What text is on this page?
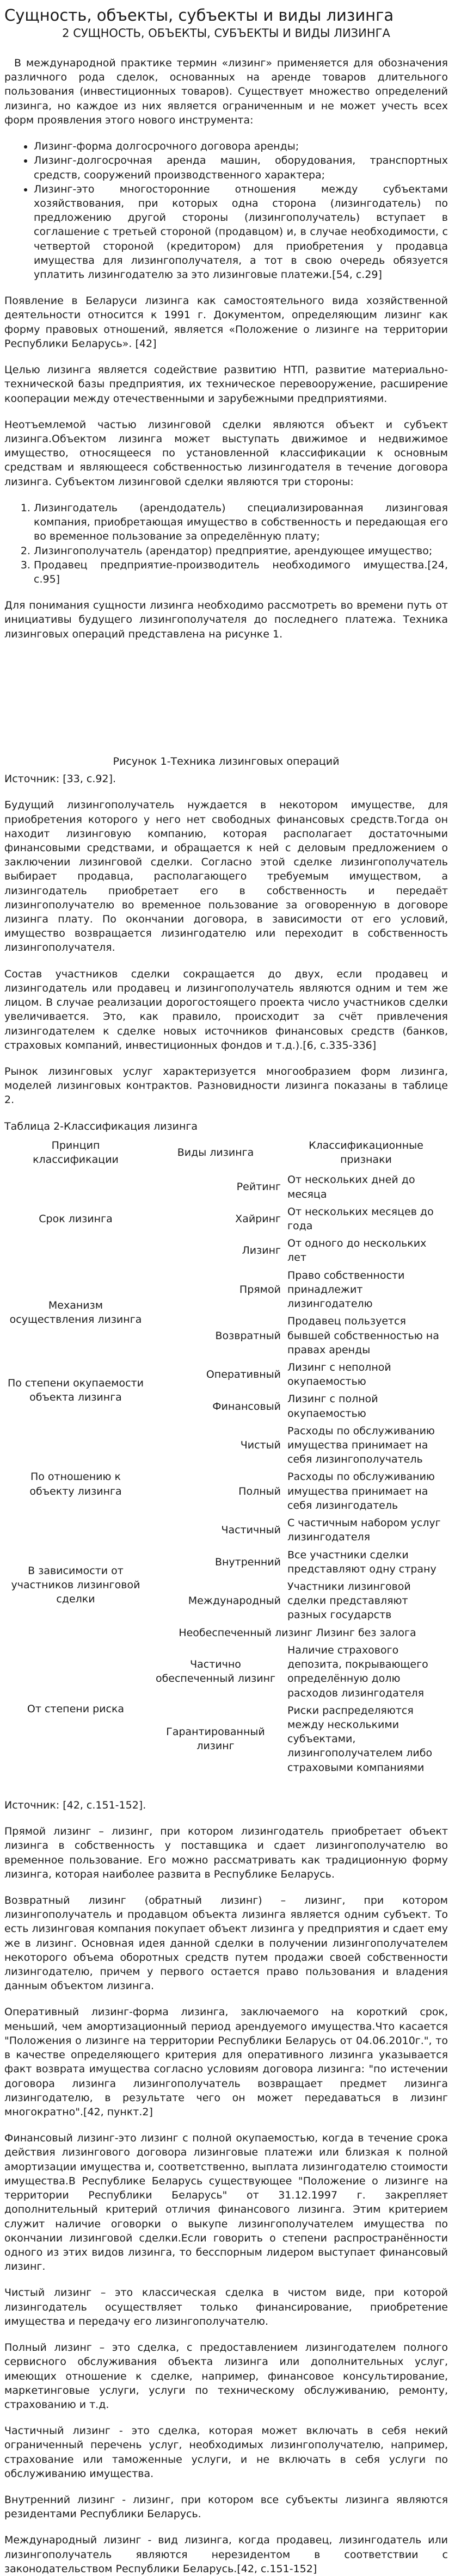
Сущность, объекты, субъекты и виды лизинга
2 СУЩНОСТЬ, ОБЪЕКТЫ, СУБЪЕКТЫ И ВИДЫ ЛИЗИНГА

В международной практике термин «лизинг» применяется для обозначения различного рода сделок, основанных на аренде товаров длительного пользования (инвестиционных товаров). Существует множество определений лизинга, но каждое из них является ограниченным и не может учесть всех форм проявления этого нового инструмента:

• Лизинг-форма долгосрочного договора аренды;
• Лизинг-долгосрочная аренда машин, оборудования, транспортных средств, сооружений производственного характера;
• Лизинг-это многосторонние отношения между субъектами хозяйствования, при которых одна сторона (лизингодатель) по предложению другой стороны (лизингополучатель) вступает в соглашение с третьей стороной (продавцом) и, в случае необходимости, с четвертой стороной (кредитором) для приобретения у продавца имущества для лизингополучателя, а тот в свою очередь обязуется уплатить лизингодателю за это лизинговые платежи.[54, с.29]

Появление в Беларуси лизинга как самостоятельного вида хозяйственной деятельности относится к 1991 г. Документом, определяющим лизинг как форму правовых отношений, является «Положение о лизинге на территории Республики Беларусь». [42]

Целью лизинга является содействие развитию НТП, развитие материально-технической базы предприятия, их техническое перевооружение, расширение кооперации между отечественными и зарубежными предприятиями.

Неотъемлемой частью лизинговой сделки являются объект и субъект лизинга.Объектом лизинга может выступать движимое и недвижимое имущество, относящееся по установленной классификации к основным средствам и являющееся собственностью лизингодателя в течение договора лизинга. Субъектом лизинговой сделки являются три стороны:

1. Лизингодатель (арендодатель) специализированная лизинговая компания, приобретающая имущество в собственность и передающая его во временное пользование за определённую плату;
2. Лизингополучатель (арендатор) предприятие, арендующее имущество;
3. Продавец предприятие-производитель необходимого имущества.[24, с.95]

Для понимания сущности лизинга необходимо рассмотреть во времени путь от инициативы будущего лизингополучателя до последнего платежа. Техника лизинговых операций представлена на рисунке 1.

Рисунок 1-Техника лизинговых операций
Источник: [33, с.92].

Будущий лизингополучатель нуждается в некотором имуществе, для приобретения которого у него нет свободных финансовых средств.Тогда он находит лизинговую компанию, которая располагает достаточными финансовыми средствами, и обращается к ней с деловым предложением о заключении лизинговой сделки. Согласно этой сделке лизингополучатель выбирает продавца, располагающего требуемым имуществом, а лизингодатель приобретает его в собственность и передаёт лизингополучателю во временное пользование за оговоренную в договоре лизинга плату. По окончании договора, в зависимости от его условий, имущество возвращается лизингодателю или переходит в собственность лизингополучателя.

Состав участников сделки сокращается до двух, если продавец и лизингодатель или продавец и лизингополучатель являются одним и тем же лицом. В случае реализации дорогостоящего проекта число участников сделки увеличивается. Это, как правило, происходит за счёт привлечения лизингодателем к сделке новых источников финансовых средств (банков, страховых компаний, инвестиционных фондов и т.д.).[6, с.335-336]

Рынок лизинговых услуг характеризуется многообразием форм лизинга, моделей лизинговых контрактов. Разновидности лизинга показаны в таблице 2.

Таблица 2-Классификация лизинга
Принцип классификации	Виды лизинга	Классификационные признаки
Срок лизинга	Рейтинг	От нескольких дней до месяца
	Хайринг	От нескольких месяцев до года
	Лизинг	От одного до нескольких лет
Механизм осуществления лизинга	Прямой	Право собственности принадлежит лизингодателю
	Возвратный	Продавец пользуется бывшей собственностью на правах аренды
По степени окупаемости объекта лизинга	Оперативный	Лизинг с неполной окупаемостью
	Финансовый	Лизинг с полной окупаемостью
По отношению к объекту лизинга	Чистый	Расходы по обслуживанию имущества принимает на себя лизингополучатель
	Полный	Расходы по обслуживанию имущества принимает на себя лизингодатель
	Частичный	С частичным набором услуг лизингодателя
В зависимости от участников лизинговой сделки	Внутренний	Все участники сделки представляют одну страну
	Международный	Участники лизинговой сделки представляют разных государств
	Необеспеченный лизинг Лизинг без залога	
От степени риска	Частично обеспеченный лизинг	Наличие страхового депозита, покрывающего определённую долю расходов лизингодателя
	Гарантированный лизинг	Риски распределяются между несколькими субъектами, лизингополучателем либо страховыми компаниями
Источник: [42, с.151-152].

Прямой лизинг – лизинг, при котором лизингодатель приобретает объект лизинга в собственность у поставщика и сдает лизингополучателю во временное пользование. Его можно рассматривать как традиционную форму лизинга, которая наиболее развита в Республике Беларусь.

Возвратный лизинг (обратный лизинг) – лизинг, при котором лизингополучатель и продавцом объекта лизинга является одним субъект. То есть лизинговая компания покупает объект лизинга у предприятия и сдает ему же в лизинг. Основная идея данной сделки в получении лизингополучателем некоторого объема оборотных средств путем продажи своей собственности лизингодателю, причем у первого остается право пользования и владения данным объектом лизинга.

Оперативный лизинг-форма лизинга, заключаемого на короткий срок, меньший, чем амортизационный период арендуемого имущества.Что касается "Положения о лизинге на территории Республики Беларусь от 04.06.2010г.", то в качестве определяющего критерия для оперативного лизинга указывается факт возврата имущества согласно условиям договора лизинга: "по истечении договора лизинга лизингополучатель возвращает предмет лизинга лизингодателю, в результате чего он может передаваться в лизинг многократно".[42, пункт.2]

Финансовый лизинг-это лизинг с полной окупаемостью, когда в течение срока действия лизингового договора лизинговые платежи или близкая к полной амортизации имущества и, соответственно, выплата лизингодателю стоимости имущества.В Республике Беларусь существующее "Положение о лизинге на территории Республики Беларусь" от 31.12.1997 г. закрепляет дополнительный критерий отличия финансового лизинга. Этим критерием служит наличие оговорки о выкупе лизингополучателем имущества по окончании лизинговой сделки.Если говорить о степени распространённости одного из этих видов лизинга, то бесспорным лидером выступает финансовый лизинг.

Чистый лизинг – это классическая сделка в чистом виде, при которой лизингодатель осуществляет только финансирование, приобретение имущества и передачу его лизингополучателю.

Полный лизинг – это сделка, с предоставлением лизингодателем полного сервисного обслуживания объекта лизинга или дополнительных услуг, имеющих отношение к сделке, например, финансовое консультирование, маркетинговые услуги, услуги по техническому обслуживанию, ремонту, страхованию и т.д.

Частичный лизинг - это сделка, которая может включать в себя некий ограниченный перечень услуг, необходимых лизингополучателю, например, страхование или таможенные услуги, и не включать в себя услуги по обслуживанию имущества.

Внутренний лизинг - лизинг, при котором все субъекты лизинга являются резидентами Республики Беларусь.

Международный лизинг - вид лизинга, когда продавец, лизингодатель или лизингополучатель являются нерезидентом в соответствии с законодательством Республики Беларусь.[42, с.151-152]
